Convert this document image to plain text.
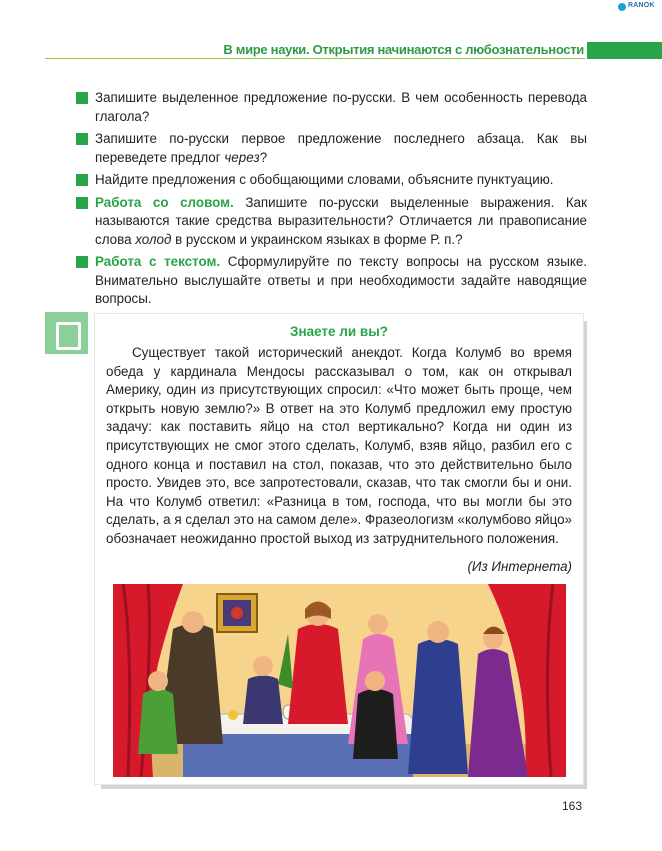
RANOK
В мире науки. Открытия начинаются с любознательности
Запишите выделенное предложение по-русски. В чем особенность перевода глагола?
Запишите по-русски первое предложение последнего абзаца. Как вы переведете предлог через?
Найдите предложения с обобщающими словами, объясните пунктуацию.
Работа со словом. Запишите по-русски выделенные выражения. Как называются такие средства выразительности? Отличается ли правописание слова холод в русском и украинском языках в форме Р. п.?
Работа с текстом. Сформулируйте по тексту вопросы на русском языке. Внимательно выслушайте ответы и при необходимости задайте наводящие вопросы.
Знаете ли вы?
Существует такой исторический анекдот. Когда Колумб во время обеда у кардинала Мендосы рассказывал о том, как он открывал Америку, один из присутствующих спросил: «Что может быть проще, чем открыть новую землю?» В ответ на это Колумб предложил ему простую задачу: как поставить яйцо на стол вертикально? Когда ни один из присутствующих не смог этого сделать, Колумб, взяв яйцо, разбил его с одного конца и поставил на стол, показав, что это действительно было просто. Увидев это, все запротестовали, сказав, что так смогли бы и они. На что Колумб ответил: «Разница в том, господа, что вы могли бы это сделать, а я сделал это на самом деле». Фразеологизм «колумбово яйцо» обозначает неожиданно простой выход из затруднительного положения.
(Из Интернета)
163
